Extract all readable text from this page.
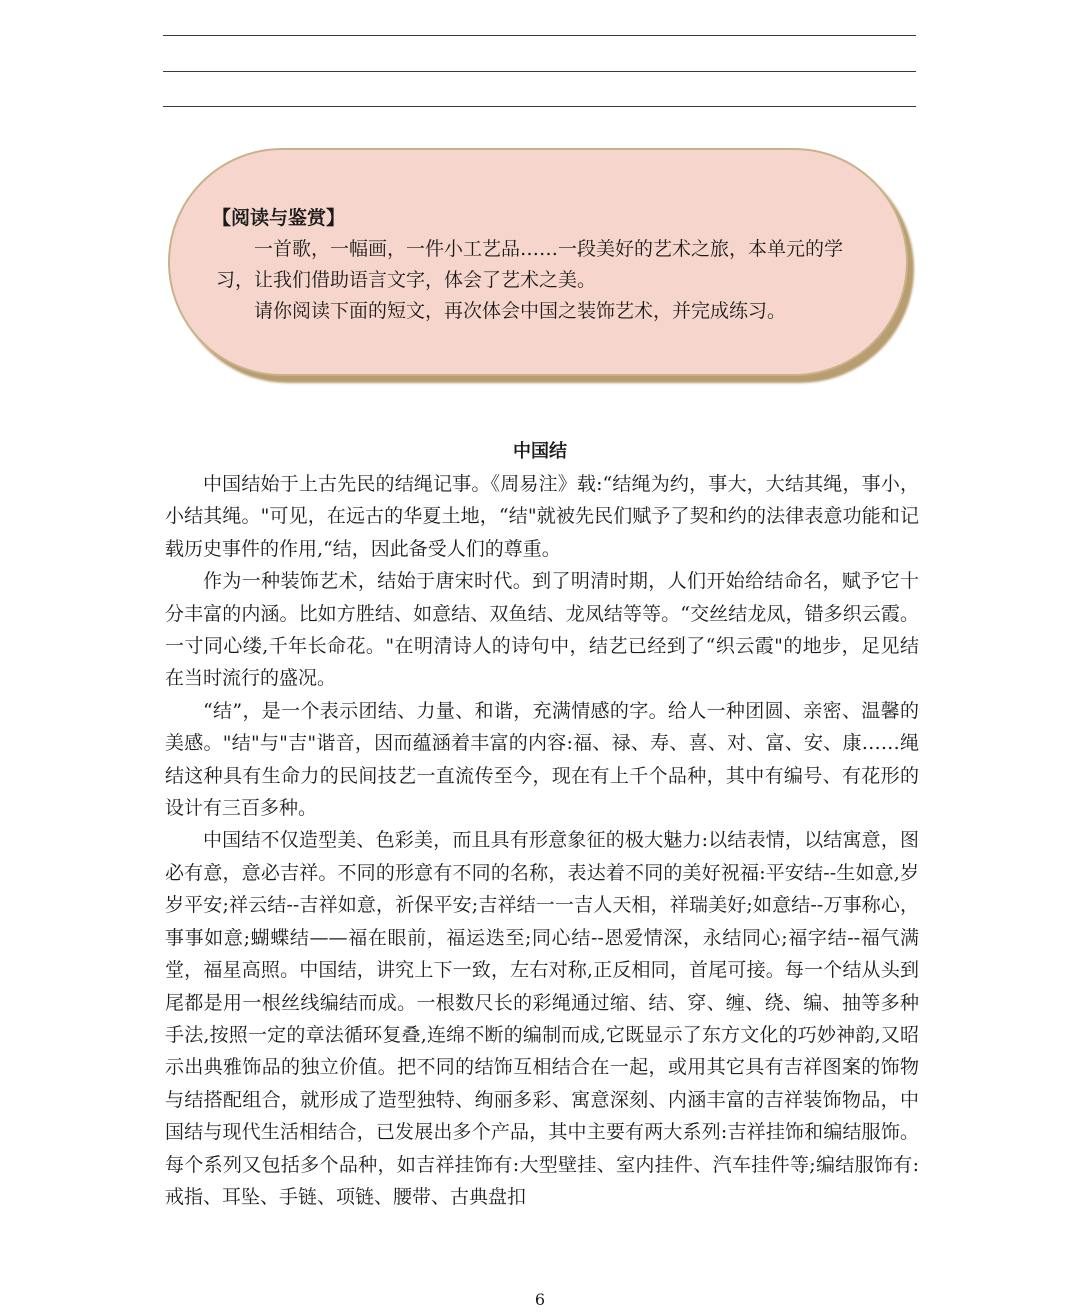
【阅读与鉴赏】

一首歌，一幅画，一件小工艺品……一段美好的艺术之旅，本单元的学习，让我们借助语言文字，体会了艺术之美。

请你阅读下面的短文，再次体会中国之装饰艺术，并完成练习。

中国结

中国结始于上古先民的结绳记事。《周易注》载:“结绳为约，事大，大结其绳，事小，小结其绳。"可见，在远古的华夏土地，“结"就被先民们赋予了契和约的法律表意功能和记载历史事件的作用,“结，因此备受人们的尊重。

作为一种装饰艺术，结始于唐宋时代。到了明清时期，人们开始给结命名，赋予它十分丰富的内涵。比如方胜结、如意结、双鱼结、龙凤结等等。“交丝结龙凤，错多织云霞。一寸同心缕,千年长命花。"在明清诗人的诗句中，结艺已经到了“织云霞"的地步，足见结在当时流行的盛况。

“结”，是一个表示团结、力量、和谐，充满情感的字。给人一种团圆、亲密、温馨的美感。"结"与"吉"谐音，因而蕴涵着丰富的内容:福、禄、寿、喜、对、富、安、康……绳结这种具有生命力的民间技艺一直流传至今，现在有上千个品种，其中有编号、有花形的设计有三百多种。

中国结不仅造型美、色彩美，而且具有形意象征的极大魅力:以结表情，以结寓意，图必有意，意必吉祥。不同的形意有不同的名称，表达着不同的美好祝福:平安结--生如意,岁岁平安;祥云结--吉祥如意，祈保平安;吉祥结一一吉人天相，祥瑞美好;如意结--万事称心，事事如意;蝴蝶结——福在眼前，福运迭至;同心结--恩爱情深，永结同心;福字结--福气满堂，福星高照。中国结，讲究上下一致，左右对称,正反相同，首尾可接。每一个结从头到尾都是用一根丝线编结而成。一根数尺长的彩绳通过缩、结、穿、缠、绕、编、抽等多种手法,按照一定的章法循环复叠,连绵不断的编制而成,它既显示了东方文化的巧妙神韵,又昭示出典雅饰品的独立价值。把不同的结饰互相结合在一起，或用其它具有吉祥图案的饰物与结搭配组合，就形成了造型独特、绚丽多彩、寓意深刻、内涵丰富的吉祥装饰物品，中国结与现代生活相结合，已发展出多个产品，其中主要有两大系列:吉祥挂饰和编结服饰。每个系列又包括多个品种，如吉祥挂饰有:大型壁挂、室内挂件、汽车挂件等;编结服饰有:戒指、耳坠、手链、项链、腰带、古典盘扣

6
